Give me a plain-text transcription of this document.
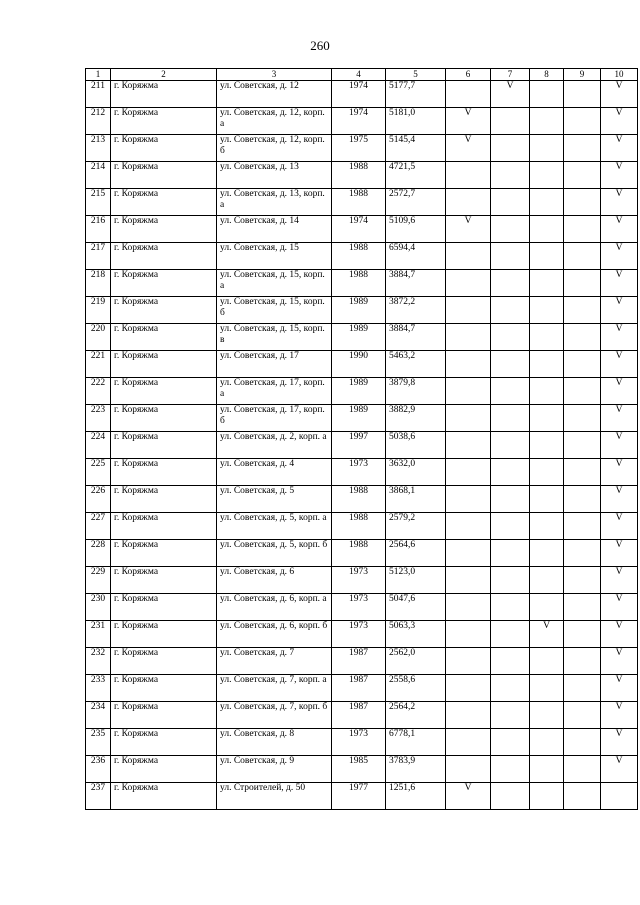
260
1	2	3	4	5	6	7	8	9	10
211	г. Коряжма	ул. Советская, д. 12	1974	5177,7		V			V
212	г. Коряжма	ул. Советская, д. 12, корп. а	1974	5181,0	V				V
213	г. Коряжма	ул. Советская, д. 12, корп. б	1975	5145,4	V				V
214	г. Коряжма	ул. Советская, д. 13	1988	4721,5					V
215	г. Коряжма	ул. Советская, д. 13, корп. а	1988	2572,7					V
216	г. Коряжма	ул. Советская, д. 14	1974	5109,6	V				V
217	г. Коряжма	ул. Советская, д. 15	1988	6594,4					V
218	г. Коряжма	ул. Советская, д. 15, корп. а	1988	3884,7					V
219	г. Коряжма	ул. Советская, д. 15, корп. б	1989	3872,2					V
220	г. Коряжма	ул. Советская, д. 15, корп. в	1989	3884,7					V
221	г. Коряжма	ул. Советская, д. 17	1990	5463,2					V
222	г. Коряжма	ул. Советская, д. 17, корп. а	1989	3879,8					V
223	г. Коряжма	ул. Советская, д. 17, корп. б	1989	3882,9					V
224	г. Коряжма	ул. Советская, д. 2, корп. а	1997	5038,6					V
225	г. Коряжма	ул. Советская, д. 4	1973	3632,0					V
226	г. Коряжма	ул. Советская, д. 5	1988	3868,1					V
227	г. Коряжма	ул. Советская, д. 5, корп. а	1988	2579,2					V
228	г. Коряжма	ул. Советская, д. 5, корп. б	1988	2564,6					V
229	г. Коряжма	ул. Советская, д. 6	1973	5123,0					V
230	г. Коряжма	ул. Советская, д. 6, корп. а	1973	5047,6					V
231	г. Коряжма	ул. Советская, д. 6, корп. б	1973	5063,3			V		V
232	г. Коряжма	ул. Советская, д. 7	1987	2562,0					V
233	г. Коряжма	ул. Советская, д. 7, корп. а	1987	2558,6					V
234	г. Коряжма	ул. Советская, д. 7, корп. б	1987	2564,2					V
235	г. Коряжма	ул. Советская, д. 8	1973	6778,1					V
236	г. Коряжма	ул. Советская, д. 9	1985	3783,9					V
237	г. Коряжма	ул. Строителей, д. 50	1977	1251,6	V				
